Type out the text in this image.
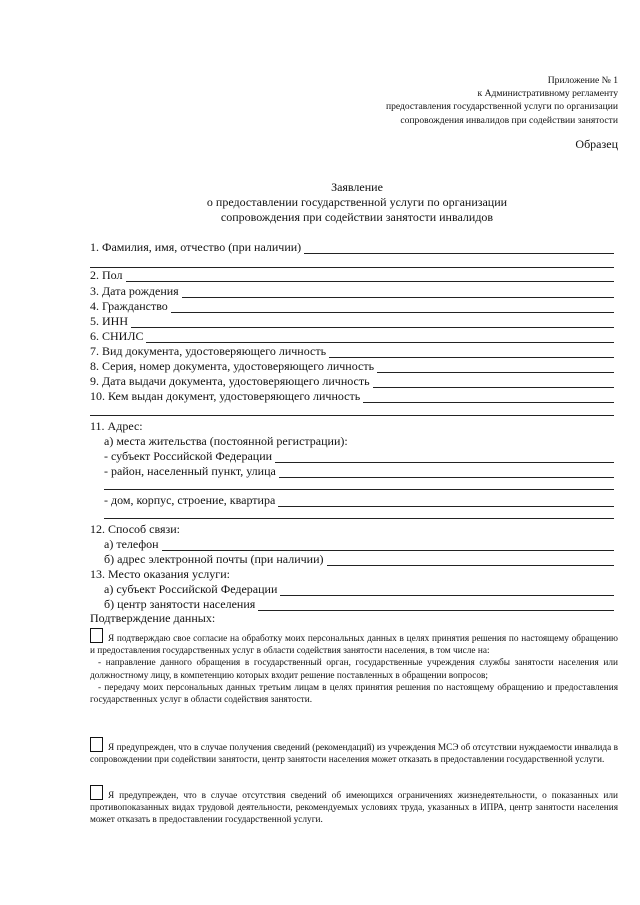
Приложение № 1
к Административному регламенту
предоставления государственной услуги по организации
сопровождения инвалидов при содействии занятости
Образец
Заявление
о предоставлении государственной услуги по организации
сопровождения при содействии занятости инвалидов
1. Фамилия, имя, отчество (при наличии)
2. Пол
3. Дата рождения
4. Гражданство
5. ИНН
6. СНИЛС
7. Вид документа, удостоверяющего личность
8. Серия, номер документа, удостоверяющего личность
9. Дата выдачи документа, удостоверяющего личность
10. Кем выдан документ, удостоверяющего личность
11. Адрес:
а) места жительства (постоянной регистрации):
- субъект Российской Федерации
- район, населенный пункт, улица
- дом, корпус, строение, квартира
12. Способ связи:
а) телефон
б) адрес электронной почты (при наличии)
13. Место оказания услуги:
а) субъект Российской Федерации
б) центр занятости населения
Подтверждение данных:
Я подтверждаю свое согласие на обработку моих персональных данных в целях принятия решения по настоящему обращению и предоставления государственных услуг в области содействия занятости населения, в том числе на:
- направление данного обращения в государственный орган, государственные учреждения службы занятости населения или должностному лицу, в компетенцию которых входит решение поставленных в обращении вопросов;
- передачу моих персональных данных третьим лицам в целях принятия решения по настоящему обращению и предоставления государственных услуг в области содействия занятости.
Я предупрежден, что в случае получения сведений (рекомендаций) из учреждения МСЭ об отсутствии нуждаемости инвалида в сопровождении при содействии занятости, центр занятости населения может отказать в предоставлении государственной услуги.
Я предупрежден, что в случае отсутствия сведений об имеющихся ограничениях жизнедеятельности, о показанных или противопоказанных видах трудовой деятельности, рекомендуемых условиях труда, указанных в ИПРА, центр занятости населения может отказать в предоставлении государственной услуги.
